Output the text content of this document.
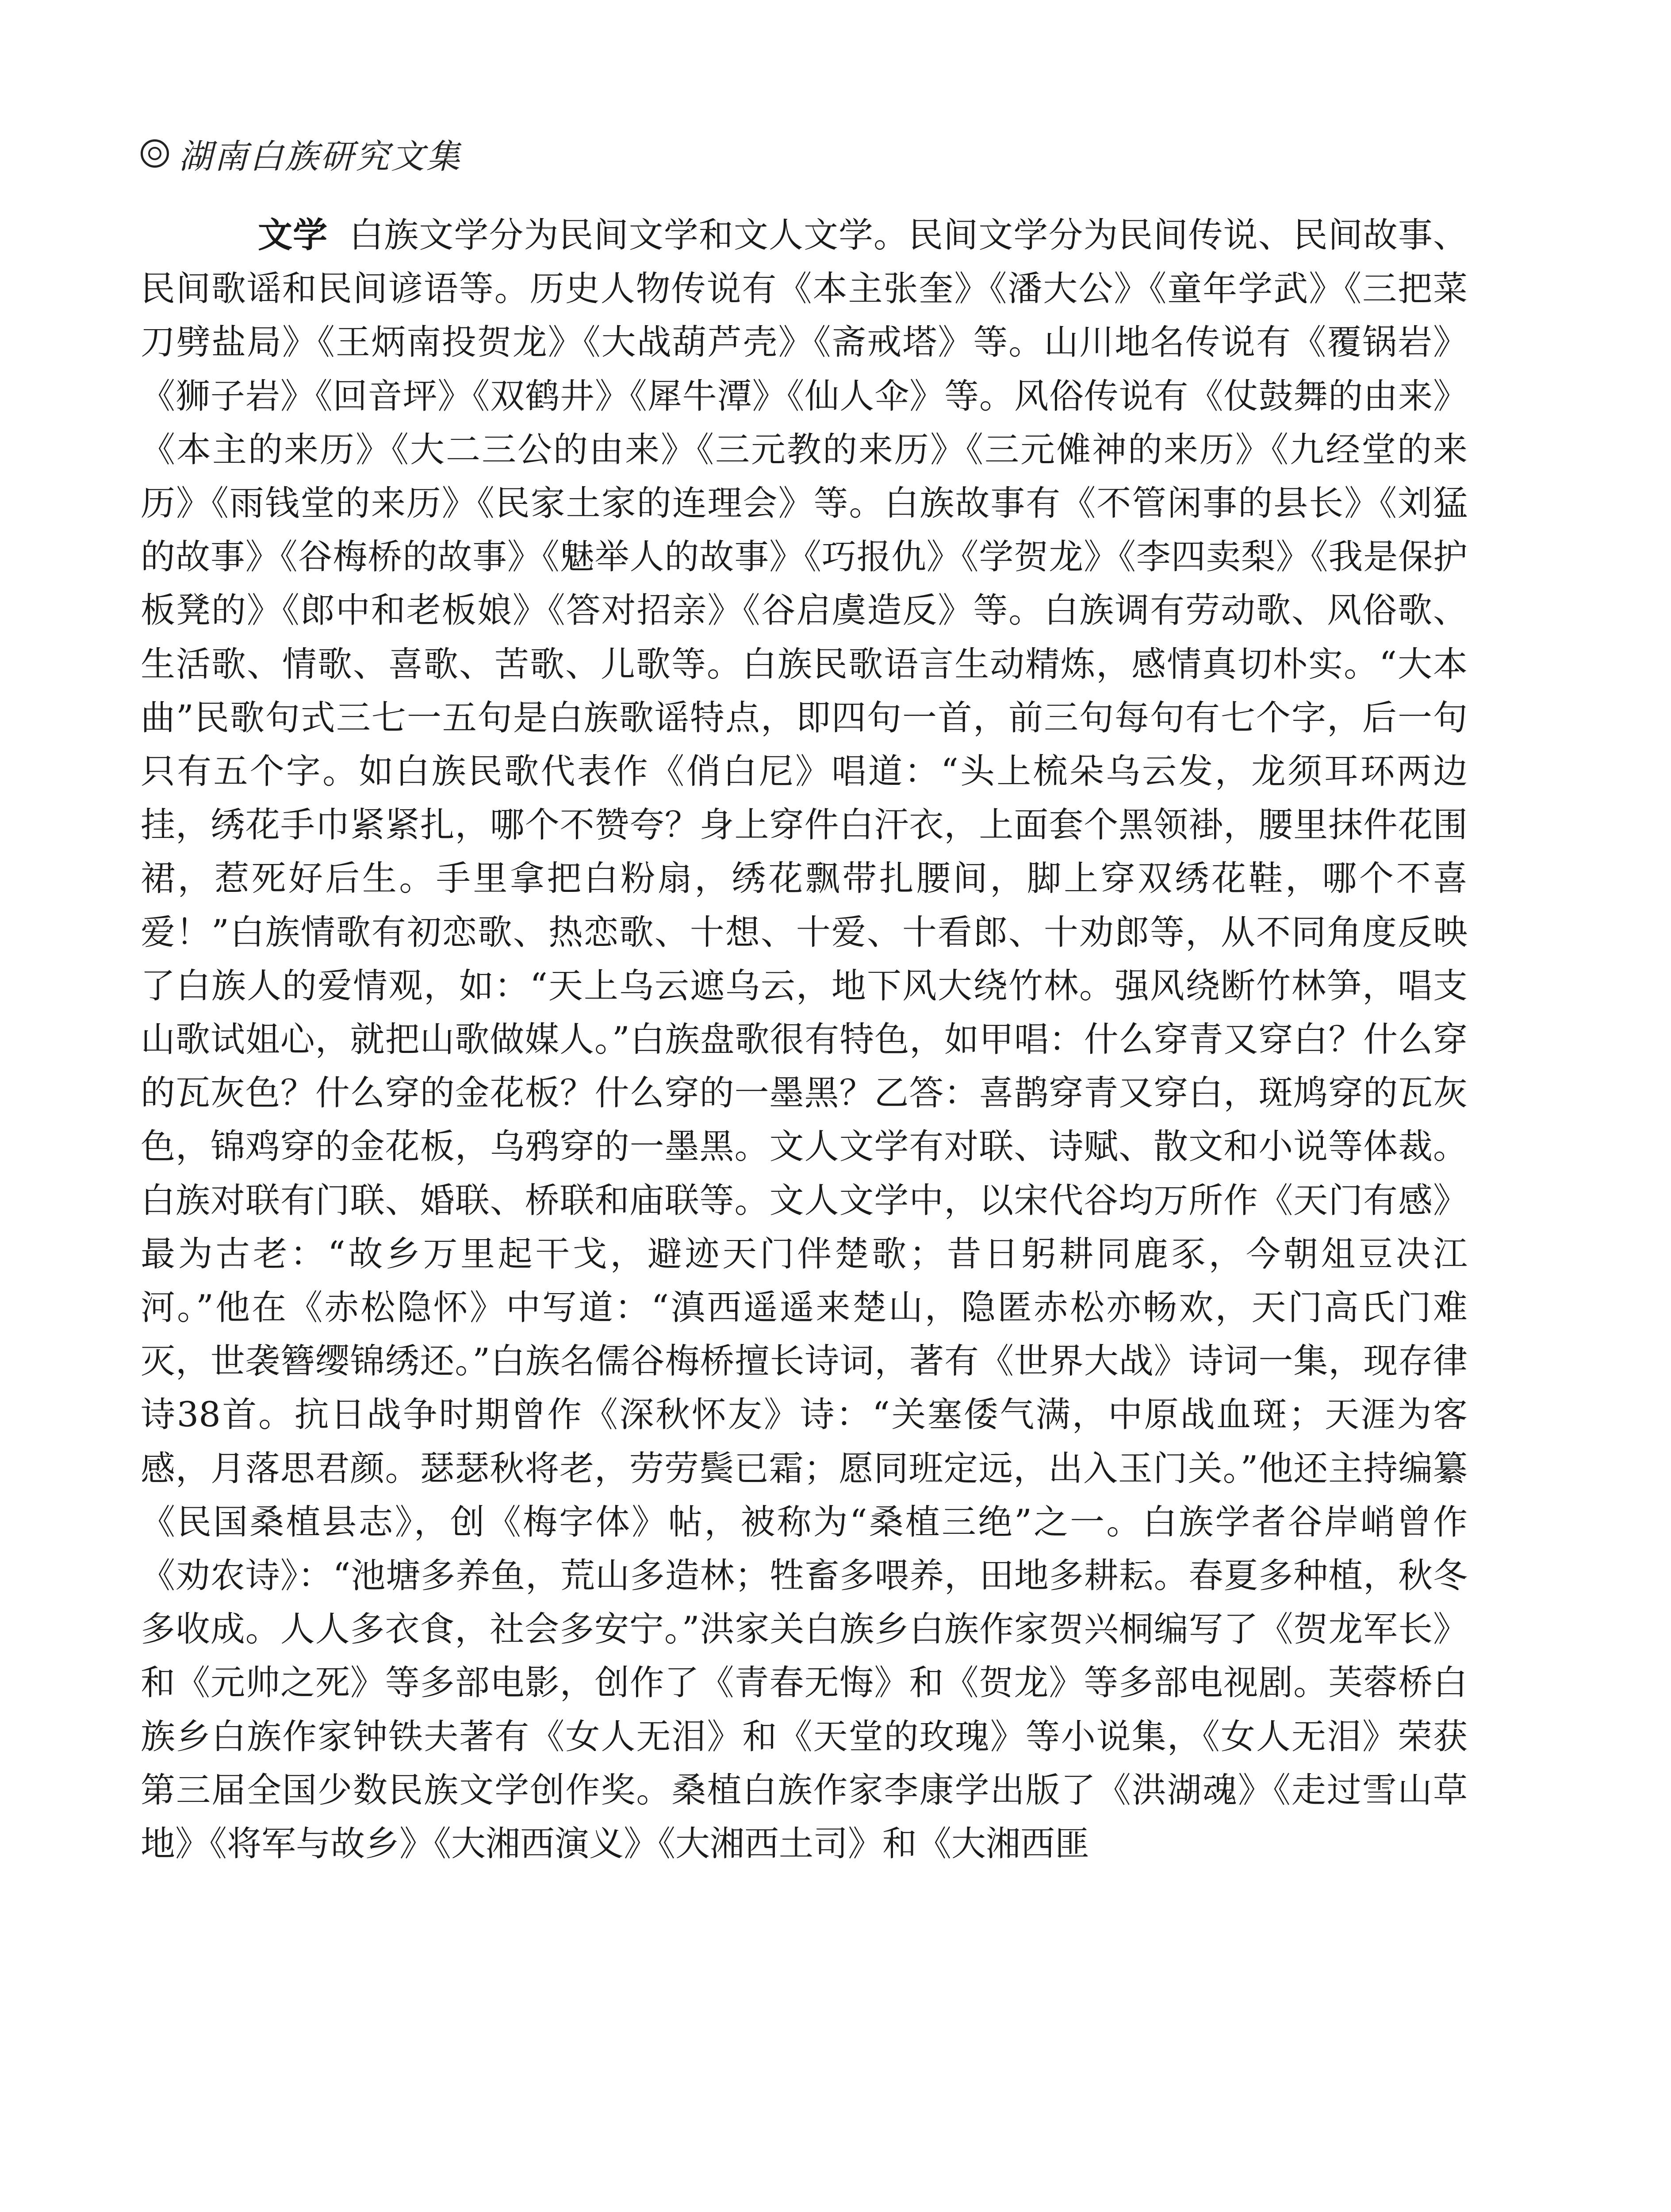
湖南白族研究文集
文学 白族文学分为民间文学和文人文学。民间文学分为民间传说、民间故事、民间歌谣和民间谚语等。历史人物传说有《本主张奎》《潘大公》《童年学武》《三把菜刀劈盐局》《王炳南投贺龙》《大战葫芦壳》《斋戒塔》等。山川地名传说有《覆锅岩》《狮子岩》《回音坪》《双鹤井》《犀牛潭》《仙人伞》等。风俗传说有《仗鼓舞的由来》《本主的来历》《大二三公的由来》《三元教的来历》《三元傩神的来历》《九经堂的来历》《雨钱堂的来历》《民家土家的连理会》等。白族故事有《不管闲事的县长》《刘猛的故事》《谷梅桥的故事》《魅举人的故事》《巧报仇》《学贺龙》《李四卖梨》《我是保护板凳的》《郎中和老板娘》《答对招亲》《谷启虞造反》等。白族调有劳动歌、风俗歌、生活歌、情歌、喜歌、苦歌、儿歌等。白族民歌语言生动精炼，感情真切朴实。“大本曲”民歌句式三七一五句是白族歌谣特点，即四句一首，前三句每句有七个字，后一句只有五个字。如白族民歌代表作《俏白尼》唱道：“头上梳朵乌云发，龙须耳环两边挂，绣花手巾紧紧扎，哪个不赞夸？身上穿件白汗衣，上面套个黑领褂，腰里抹件花围裙，惹死好后生。手里拿把白粉扇，绣花飘带扎腰间，脚上穿双绣花鞋，哪个不喜爱！”白族情歌有初恋歌、热恋歌、十想、十爱、十看郎、十劝郎等，从不同角度反映了白族人的爱情观，如：“天上乌云遮乌云，地下风大绕竹林。强风绕断竹林笋，唱支山歌试姐心，就把山歌做媒人。”白族盘歌很有特色，如甲唱：什么穿青又穿白？什么穿的瓦灰色？什么穿的金花板？什么穿的一墨黑？乙答：喜鹊穿青又穿白，斑鸠穿的瓦灰色，锦鸡穿的金花板，乌鸦穿的一墨黑。文人文学有对联、诗赋、散文和小说等体裁。白族对联有门联、婚联、桥联和庙联等。文人文学中，以宋代谷均万所作《天门有感》最为古老：“故乡万里起干戈，避迹天门伴楚歌；昔日躬耕同鹿豕，今朝俎豆决江河。”他在《赤松隐怀》中写道：“滇西遥遥来楚山，隐匿赤松亦畅欢，天门高氏门难灭，世袭簪缨锦绣还。”白族名儒谷梅桥擅长诗词，著有《世界大战》诗词一集，现存律诗38首。抗日战争时期曾作《深秋怀友》诗：“关塞倭气满，中原战血斑；天涯为客感，月落思君颜。瑟瑟秋将老，劳劳鬓已霜；愿同班定远，出入玉门关。”他还主持编纂《民国桑植县志》，创《梅字体》帖，被称为“桑植三绝”之一。白族学者谷岸峭曾作《劝农诗》：“池塘多养鱼，荒山多造林；牲畜多喂养，田地多耕耘。春夏多种植，秋冬多收成。人人多衣食，社会多安宁。”洪家关白族乡白族作家贺兴桐编写了《贺龙军长》和《元帅之死》等多部电影，创作了《青春无悔》和《贺龙》等多部电视剧。芙蓉桥白族乡白族作家钟铁夫著有《女人无泪》和《天堂的玫瑰》等小说集，《女人无泪》荣获第三届全国少数民族文学创作奖。桑植白族作家李康学出版了《洪湖魂》《走过雪山草地》《将军与故乡》《大湘西演义》《大湘西土司》和《大湘西匪
